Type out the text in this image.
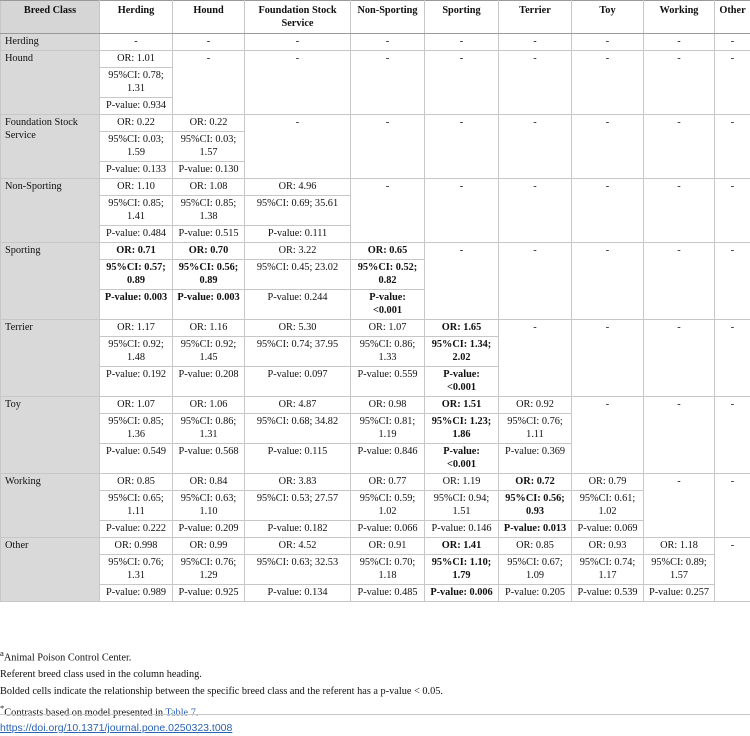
Breed Class	Herding	Hound	Foundation Stock Service	Non-Sporting	Sporting	Terrier	Toy	Working	Other
Herding	-	-	-	-	-	-	-	-	-
Hound	OR: 1.01	-	-	-	-	-	-	-	-
	95%CI: 0.78; 1.31								
	P-value: 0.934								
Foundation Stock Service	OR: 0.22	OR: 0.22	-	-	-	-	-	-	-
	95%CI: 0.03; 1.59	95%CI: 0.03; 1.57							
	P-value: 0.133	P-value: 0.130							
Non-Sporting	OR: 1.10	OR: 1.08	OR: 4.96	-	-	-	-	-	-
	95%CI: 0.85; 1.41	95%CI: 0.85; 1.38	95%CI: 0.69; 35.61						
	P-value: 0.484	P-value: 0.515	P-value: 0.111						
Sporting	OR: 0.71	OR: 0.70	OR: 3.22	OR: 0.65	-	-	-	-	-
	95%CI: 0.57; 0.89	95%CI: 0.56; 0.89	95%CI: 0.45; 23.02	95%CI: 0.52; 0.82					
	P-value: 0.003	P-value: 0.003	P-value: 0.244	P-value: <0.001					
Terrier	OR: 1.17	OR: 1.16	OR: 5.30	OR: 1.07	OR: 1.65	-	-	-	-
	95%CI: 0.92; 1.48	95%CI: 0.92; 1.45	95%CI: 0.74; 37.95	95%CI: 0.86; 1.33	95%CI: 1.34; 2.02				
	P-value: 0.192	P-value: 0.208	P-value: 0.097	P-value: 0.559	P-value: <0.001				
Toy	OR: 1.07	OR: 1.06	OR: 4.87	OR: 0.98	OR: 1.51	OR: 0.92	-	-	-
	95%CI: 0.85; 1.36	95%CI: 0.86; 1.31	95%CI: 0.68; 34.82	95%CI: 0.81; 1.19	95%CI: 1.23; 1.86	95%CI: 0.76; 1.11			
	P-value: 0.549	P-value: 0.568	P-value: 0.115	P-value: 0.846	P-value: <0.001	P-value: 0.369			
Working	OR: 0.85	OR: 0.84	OR: 3.83	OR: 0.77	OR: 1.19	OR: 0.72	OR: 0.79	-	-
	95%CI: 0.65; 1.11	95%CI: 0.63; 1.10	95%CI: 0.53; 27.57	95%CI: 0.59; 1.02	95%CI: 0.94; 1.51	95%CI: 0.56; 0.93	95%CI: 0.61; 1.02		
	P-value: 0.222	P-value: 0.209	P-value: 0.182	P-value: 0.066	P-value: 0.146	P-value: 0.013	P-value: 0.069		
Other	OR: 0.998	OR: 0.99	OR: 4.52	OR: 0.91	OR: 1.41	OR: 0.85	OR: 0.93	OR: 1.18	-
	95%CI: 0.76; 1.31	95%CI: 0.76; 1.29	95%CI: 0.63; 32.53	95%CI: 0.70; 1.18	95%CI: 1.10; 1.79	95%CI: 0.67; 1.09	95%CI: 0.74; 1.17	95%CI: 0.89; 1.57	
	P-value: 0.989	P-value: 0.925	P-value: 0.134	P-value: 0.485	P-value: 0.006	P-value: 0.205	P-value: 0.539	P-value: 0.257	

$^a$Animal Poison Control Center.

Referent breed class used in the column heading.

Bolded cells indicate the relationship between the specific breed class and the referent has a p-value < 0.05.

*Contrasts based on model presented in Table 7.

https://doi.org/10.1371/journal.pone.0250323.t008
